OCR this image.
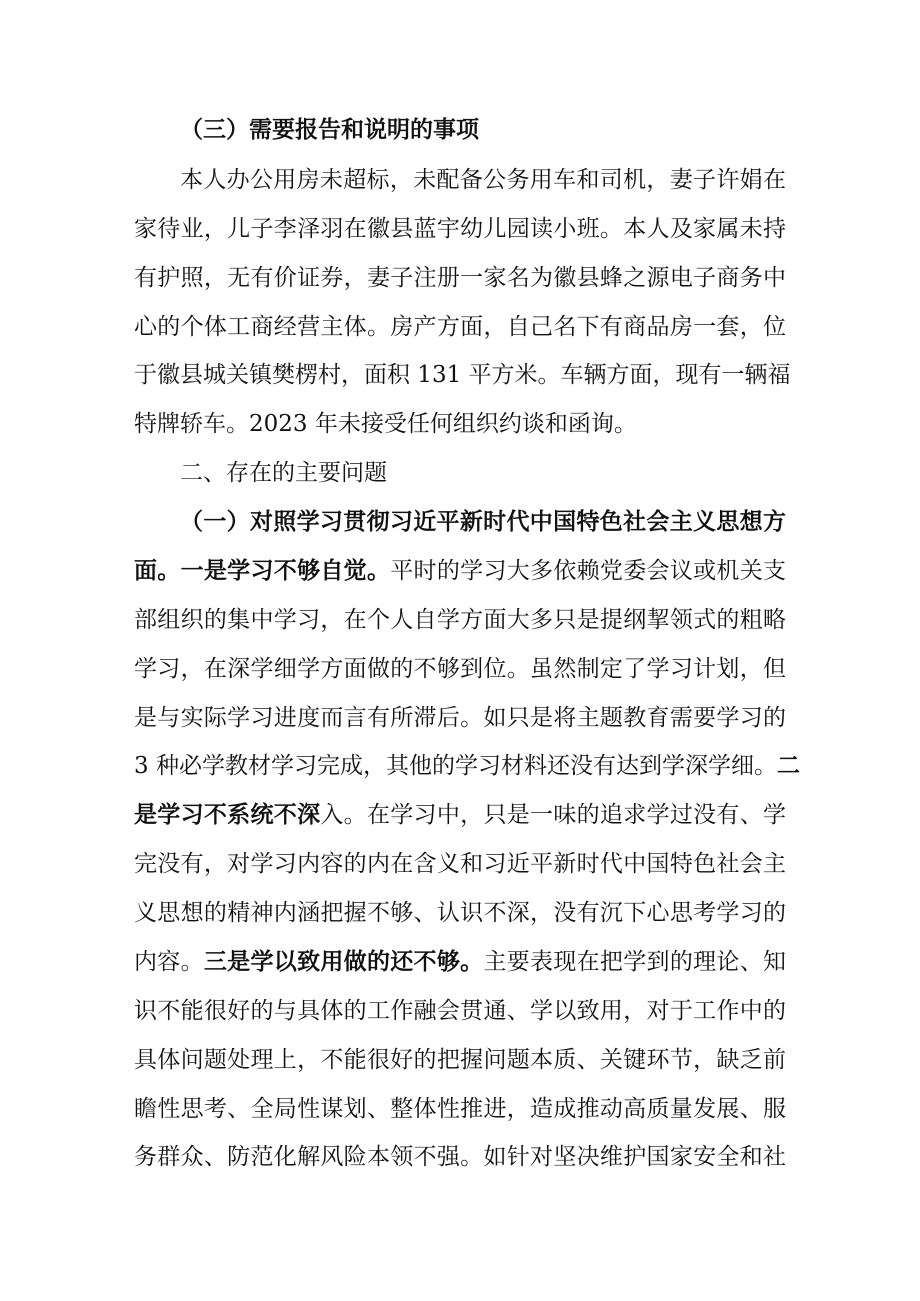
（三）需要报告和说明的事项
本人办公用房未超标，未配备公务用车和司机，妻子许娟在
家待业，儿子李泽羽在徽县蓝宇幼儿园读小班。本人及家属未持
有护照，无有价证券，妻子注册一家名为徽县蜂之源电子商务中
心的个体工商经营主体。房产方面，自己名下有商品房一套，位
于徽县城关镇樊楞村，面积 131 平方米。车辆方面，现有一辆福
特牌轿车。2023 年未接受任何组织约谈和函询。
二、存在的主要问题
（一）对照学习贯彻习近平新时代中国特色社会主义思想方
面。一是学习不够自觉。平时的学习大多依赖党委会议或机关支
部组织的集中学习，在个人自学方面大多只是提纲挈领式的粗略
学习，在深学细学方面做的不够到位。虽然制定了学习计划，但
是与实际学习进度而言有所滞后。如只是将主题教育需要学习的
3 种必学教材学习完成，其他的学习材料还没有达到学深学细。二
是学习不系统不深入。在学习中，只是一味的追求学过没有、学
完没有，对学习内容的内在含义和习近平新时代中国特色社会主
义思想的精神内涵把握不够、认识不深，没有沉下心思考学习的
内容。三是学以致用做的还不够。主要表现在把学到的理论、知
识不能很好的与具体的工作融会贯通、学以致用，对于工作中的
具体问题处理上，不能很好的把握问题本质、关键环节，缺乏前
瞻性思考、全局性谋划、整体性推进，造成推动高质量发展、服
务群众、防范化解风险本领不强。如针对坚决维护国家安全和社
